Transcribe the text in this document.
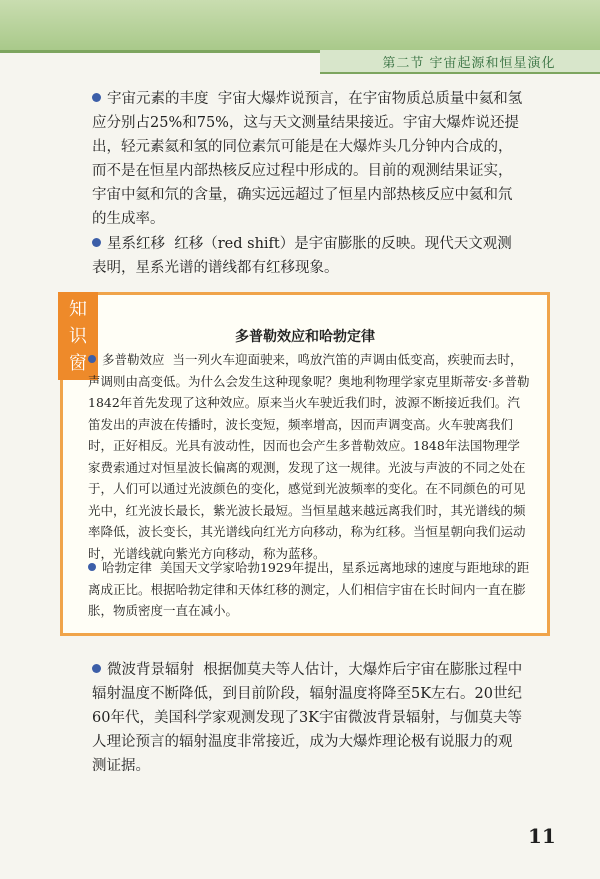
第二节 宇宙起源和恒星演化
宇宙元素的丰度 宇宙大爆炸说预言，在宇宙物质总质量中氦和氢应分别占25%和75%，这与天文测量结果接近。宇宙大爆炸说还提出，轻元素氦和氢的同位素氘可能是在大爆炸头几分钟内合成的，而不是在恒星内部热核反应过程中形成的。目前的观测结果证实，宇宙中氦和氘的含量，确实远远超过了恒星内部热核反应中氦和氘的生成率。
星系红移 红移（red shift）是宇宙膨胀的反映。现代天文观测表明，星系光谱的谱线都有红移现象。
知
识
窗
多普勒效应和哈勃定律
多普勒效应 当一列火车迎面驶来，鸣放汽笛的声调由低变高，疾驶而去时，声调则由高变低。为什么会发生这种现象呢？奥地利物理学家克里斯蒂安·多普勒1842年首先发现了这种效应。原来当火车驶近我们时，波源不断接近我们。汽笛发出的声波在传播时，波长变短，频率增高，因而声调变高。火车驶离我们时，正好相反。光具有波动性，因而也会产生多普勒效应。1848年法国物理学家费索通过对恒星波长偏离的观测，发现了这一规律。光波与声波的不同之处在于，人们可以通过光波颜色的变化，感觉到光波频率的变化。在不同颜色的可见光中，红光波长最长，紫光波长最短。当恒星越来越远离我们时，其光谱线的频率降低，波长变长，其光谱线向红光方向移动，称为红移。当恒星朝向我们运动时，光谱线就向紫光方向移动，称为蓝移。
哈勃定律 美国天文学家哈勃1929年提出，星系远离地球的速度与距地球的距离成正比。根据哈勃定律和天体红移的测定，人们相信宇宙在长时间内一直在膨胀，物质密度一直在减小。
微波背景辐射 根据伽莫夫等人估计，大爆炸后宇宙在膨胀过程中辐射温度不断降低，到目前阶段，辐射温度将降至5K左右。20世纪60年代，美国科学家观测发现了3K宇宙微波背景辐射，与伽莫夫等人理论预言的辐射温度非常接近，成为大爆炸理论极有说服力的观测证据。
11
